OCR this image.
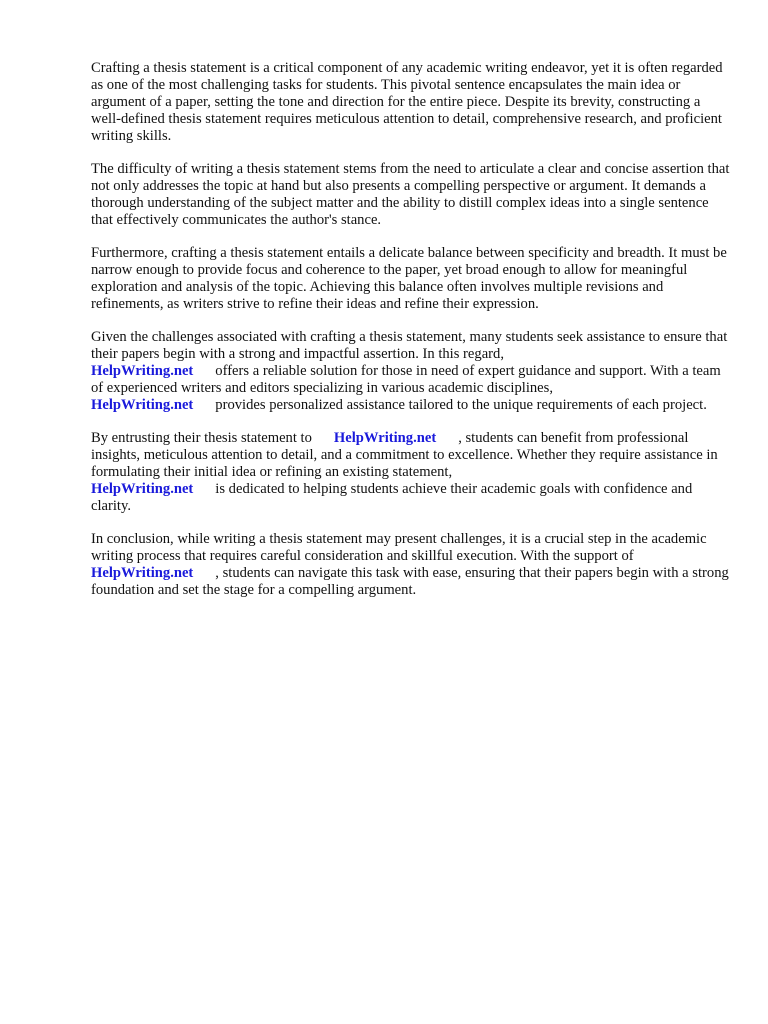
Crafting a thesis statement is a critical component of any academic writing endeavor, yet it is often regarded as one of the most challenging tasks for students. This pivotal sentence encapsulates the main idea or argument of a paper, setting the tone and direction for the entire piece. Despite its brevity, constructing a well-defined thesis statement requires meticulous attention to detail, comprehensive research, and proficient writing skills.

The difficulty of writing a thesis statement stems from the need to articulate a clear and concise assertion that not only addresses the topic at hand but also presents a compelling perspective or argument. It demands a thorough understanding of the subject matter and the ability to distill complex ideas into a single sentence that effectively communicates the author's stance.

Furthermore, crafting a thesis statement entails a delicate balance between specificity and breadth. It must be narrow enough to provide focus and coherence to the paper, yet broad enough to allow for meaningful exploration and analysis of the topic. Achieving this balance often involves multiple revisions and refinements, as writers strive to refine their ideas and refine their expression.

Given the challenges associated with crafting a thesis statement, many students seek assistance to ensure that their papers begin with a strong and impactful assertion. In this regard,
HelpWriting.net offers a reliable solution for those in need of expert guidance and support. With a team of experienced writers and editors specializing in various academic disciplines,
HelpWriting.net provides personalized assistance tailored to the unique requirements of each project.

By entrusting their thesis statement to HelpWriting.net , students can benefit from professional insights, meticulous attention to detail, and a commitment to excellence. Whether they require assistance in formulating their initial idea or refining an existing statement,
HelpWriting.net is dedicated to helping students achieve their academic goals with confidence and clarity.

In conclusion, while writing a thesis statement may present challenges, it is a crucial step in the academic writing process that requires careful consideration and skillful execution. With the support ofHelpWriting.net , students can navigate this task with ease, ensuring that their papers begin with a strong foundation and set the stage for a compelling argument.
